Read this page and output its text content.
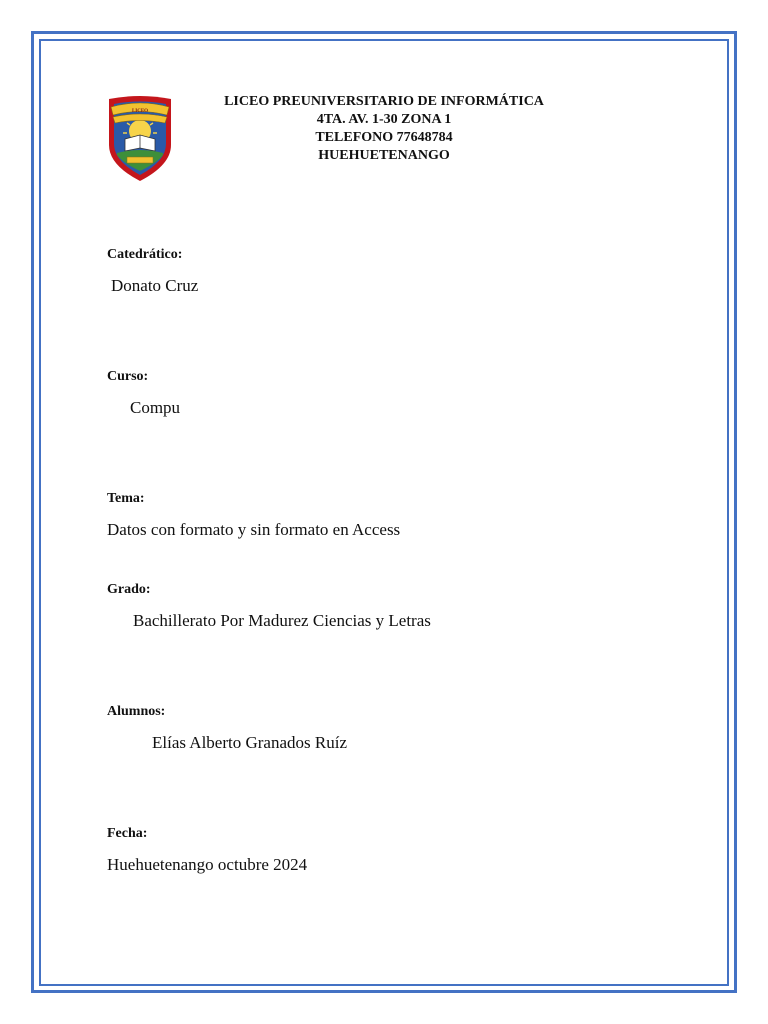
LICEO
LICEO PREUNIVERSITARIO DE INFORMÁTICA
4TA. AV. 1-30 ZONA 1
TELEFONO 77648784
HUEHUETENANGO
Catedrático:
Donato Cruz
Curso:
Compu
Tema:
Datos con formato y sin formato en Access
Grado:
Bachillerato Por Madurez Ciencias y Letras
Alumnos:
Elías Alberto Granados Ruíz
Fecha:
Huehuetenango octubre 2024
